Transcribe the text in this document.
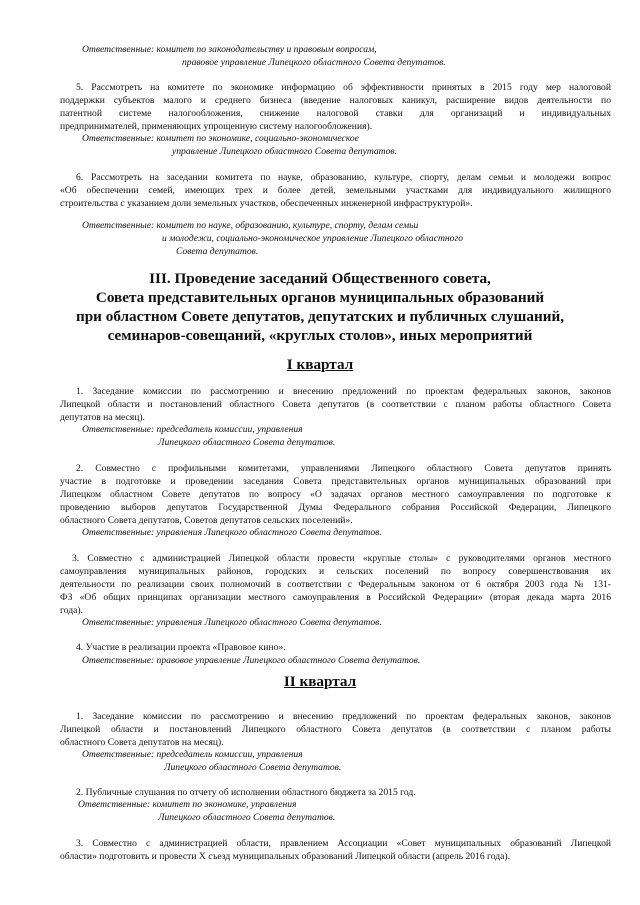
Ответственные: комитет по законодательству и правовым вопросам,
правовое управление Липецкого областного Совета депутатов.
5. Рассмотреть на комитете по экономике информацию об эффективности принятых в 2015 году мер налоговой
поддержки субъектов малого и среднего бизнеса (введение налоговых каникул, расширение видов деятельности по
патентной системе налогообложения, снижение налоговой ставки для организаций и индивидуальных
предпринимателей, применяющих упрощенную систему налогообложения).
Ответственные: комитет по экономике, социально-экономическое
управление Липецкого областного Совета депутатов.
6. Рассмотреть на заседании комитета по науке, образованию, культуре, спорту, делам семьи и молодежи вопрос
«Об обеспечении семей, имеющих трех и более детей, земельными участками для индивидуального жилищного
строительства с указанием доли земельных участков, обеспеченных инженерной инфраструктурой».
Ответственные: комитет по науке, образованию, культуре, спорту, делам семьи
и молодежи, социально-экономическое управление Липецкого областного
Совета депутатов.
1. Заседание комиссии по рассмотрению и внесению предложений по проектам федеральных законов, законов
Липецкой области и постановлений областного Совета депутатов (в соответствии с планом работы областного Совета
депутатов на месяц).
Ответственные: председатель комиссии, управления
Липецкого областного Совета депутатов.
2. Совместно с профильными комитетами, управлениями Липецкого областного Совета депутатов принять
участие в подготовке и проведении заседания Совета представительных органов муниципальных образований при
Липецком областном Совете депутатов по вопросу «О задачах органов местного самоуправления по подготовке к
проведению выборов депутатов Государственной Думы Федерального собрания Российской Федерации, Липецкого
областного Совета депутатов, Советов депутатов сельских поселений».
Ответственные: управления Липецкого областного Совета депутатов.
3. Совместно с администрацией Липецкой области провести «круглые столы» с руководителями органов местного
самоуправления муниципальных районов, городских и сельских поселений по вопросу совершенствования их
деятельности по реализации своих полномочий в соответствии с Федеральным законом от 6 октября 2003 года № 131-
ФЗ «Об общих принципах организации местного самоуправления в Российской Федерации» (вторая декада марта 2016
года).
Ответственные: управления Липецкого областного Совета депутатов.
4. Участие в реализации проекта «Правовое кино».
Ответственные: правовое управление Липецкого областного Совета депутатов.
1. Заседание комиссии по рассмотрению и внесению предложений по проектам федеральных законов, законов
Липецкой области и постановлений Липецкого областного Совета депутатов (в соответствии с планом работы
областного Совета депутатов на месяц).
Ответственные: председатель комиссии, управления
Липецкого областного Совета депутатов.
2. Публичные слушания по отчету об исполнении областного бюджета за 2015 год.
Ответственные: комитет по экономике, управления
Липецкого областного Совета депутатов.
3. Совместно с администрацией области, правлением Ассоциации «Совет муниципальных образований Липецкой
области» подготовить и провести X съезд муниципальных образований Липецкой области (апрель 2016 года).
III. Проведение заседаний Общественного совета,
Совета представительных органов муниципальных образований
при областном Совете депутатов, депутатских и публичных слушаний,
семинаров-совещаний, «круглых столов», иных мероприятий
I квартал
II квартал
